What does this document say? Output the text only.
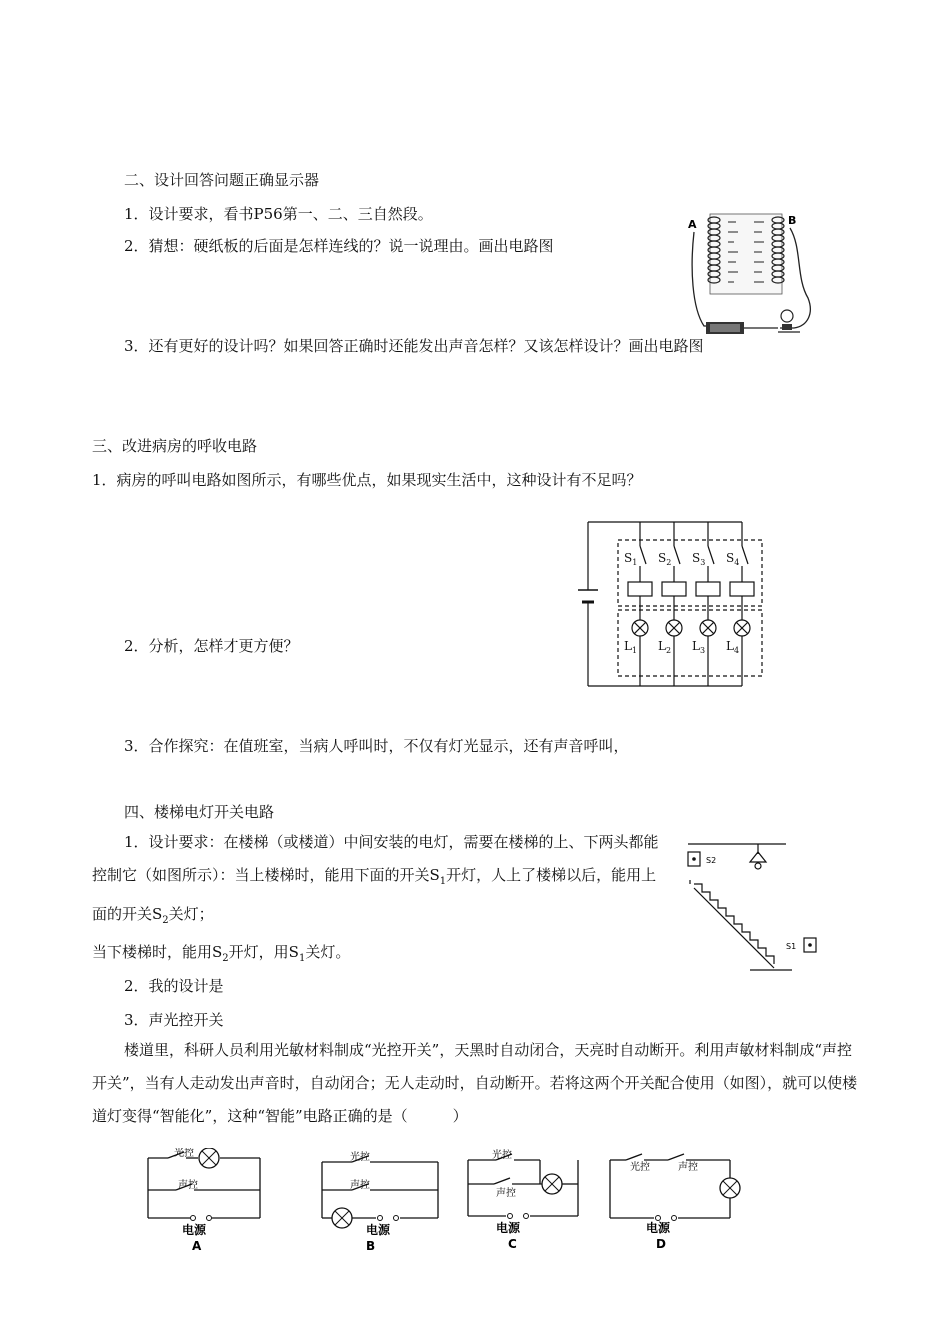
二、设计回答问题正确显示器
1．设计要求，看书P56第一、二、三自然段。
2．猜想：硬纸板的后面是怎样连线的？说一说理由。画出电路图
3．还有更好的设计吗？如果回答正确时还能发出声音怎样？又该怎样设计？画出电路图
A	B
三、改进病房的呼收电路
1．病房的呼叫电路如图所示，有哪些优点，如果现实生活中，这种设计有不足吗？
2．分析，怎样才更方便？
3．合作探究：在值班室，当病人呼叫时，不仅有灯光显示，还有声音呼叫，
$S_1$ $S_2$ $S_3$ $S_4$
$L_1$ $L_2$ $L_3$ $L_4$
四、楼梯电灯开关电路
1．设计要求：在楼梯（或楼道）中间安装的电灯，需要在楼梯的上、下两头都能控制它（如图所示）：当上楼梯时，能用下面的开关$S_1$开灯，人上了楼梯以后，能用上面的开关$S_2$关灯；
当下楼梯时，能用$S_2$开灯，用$S_1$关灯。
2．我的设计是
3．声光控开关
楼道里，科研人员利用光敏材料制成“光控开关”，天黑时自动闭合，天亮时自动断开。利用声敏材料制成“声控开关”，当有人走动发出声音时，自动闭合；无人走动时，自动断开。若将这两个开关配合使用（如图），就可以使楼道灯变得“智能化”，这种“智能”电路正确的是（　　　）
S2
S1
光控
声控
电源
A
光控
声控
电源
B
光控
声控
电源
C
光控	声控
电源
D
